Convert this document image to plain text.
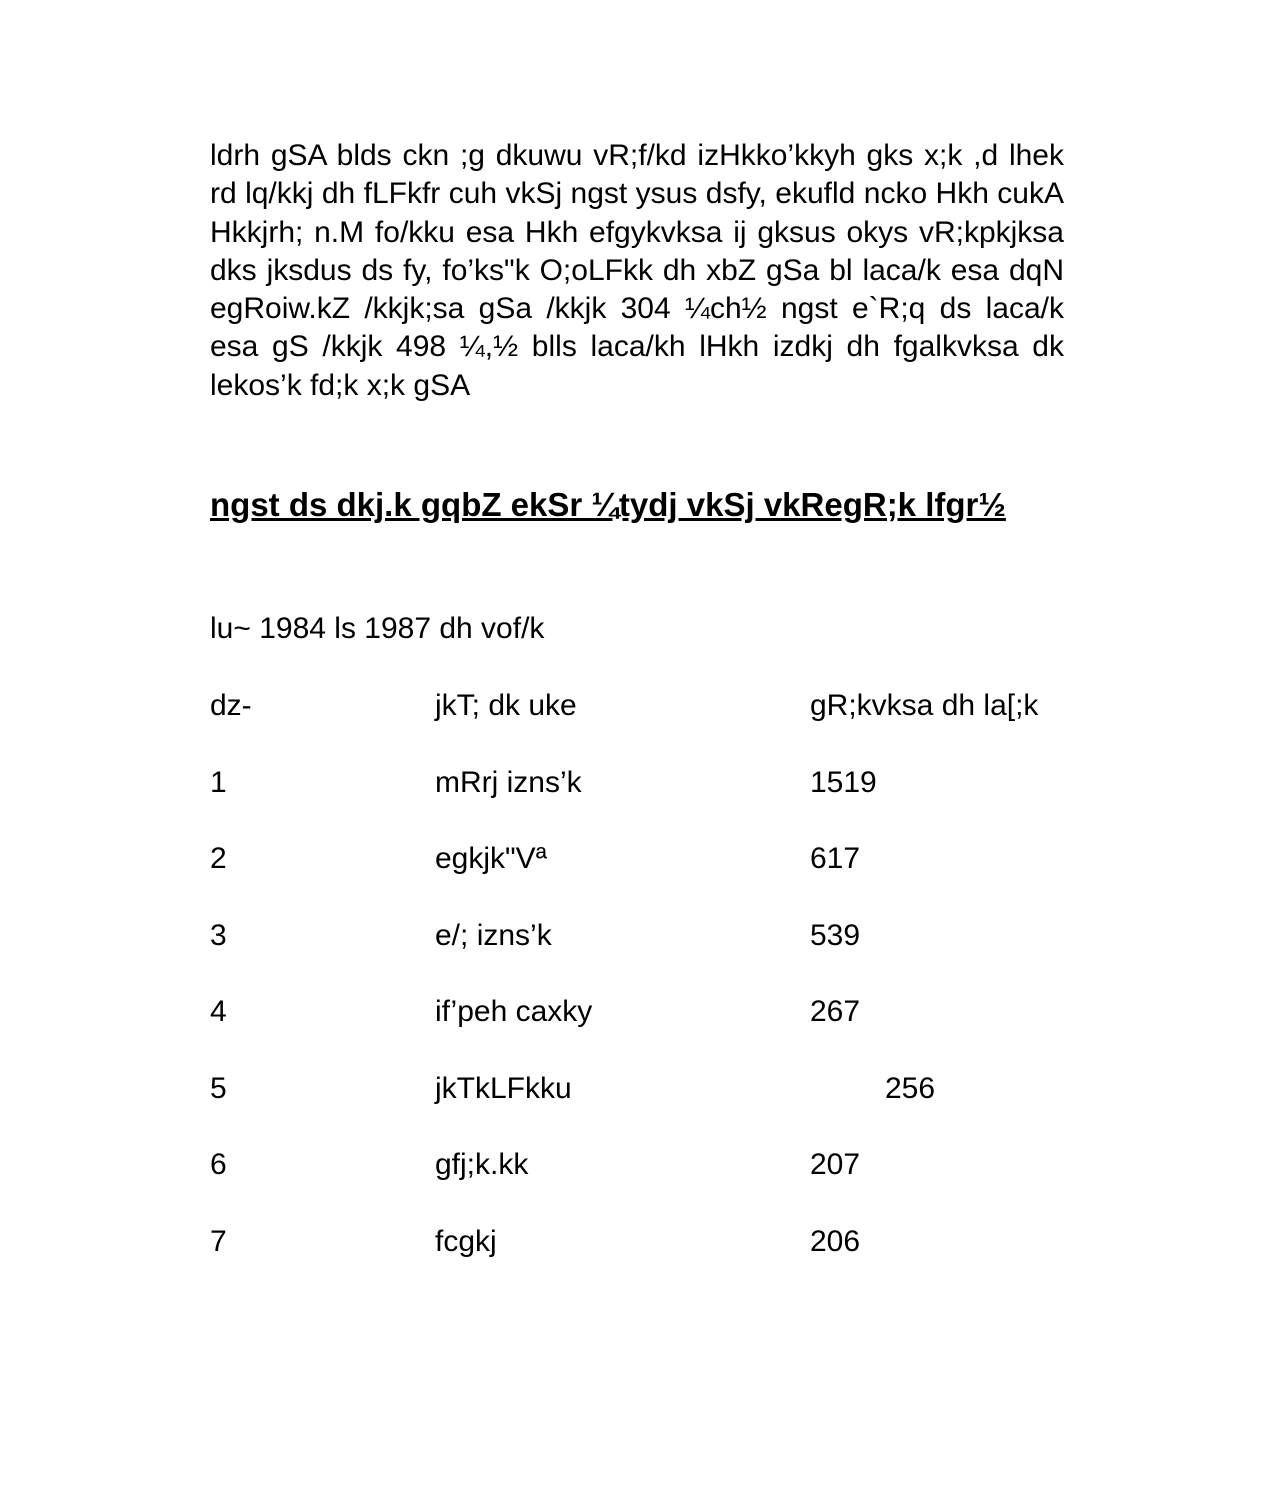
ldrh gSA blds ckn ;g dkuwu vR;f/kd izHkko’kkyh gks x;k ,d lhek rd lq/kkj dh fLFkfr cuh vkSj ngst ysus dsfy, ekufld ncko Hkh cukA Hkkjrh; n.M fo/kku esa Hkh efgykvksa ij gksus okys vR;kpkjksa dks jksdus ds fy, fo’ks"k O;oLFkk dh xbZ gSa bl laca/k esa dqN egRoiw.kZ /kkjk;sa gSa /kkjk 304 ¼ch½ ngst e`R;q ds laca/k esa gS /kkjk 498 ¼,½ blls laca/kh lHkh izdkj dh fgalkvksa dk lekos’k fd;k x;k gSA

ngst ds dkj.k gqbZ ekSr ¼tydj vkSj vkRegR;k lfgr½

lu~ 1984 ls 1987 dh vof/k

dz-	jkT; dk uke	gR;kvksa dh la[;k
1	mRrj izns’k	1519
2	egkjk"Vª	617
3	e/; izns’k	539
4	if’peh caxky	267
5	jkTkLFkku	256
6	gfj;k.kk	207
7	fcgkj	206
